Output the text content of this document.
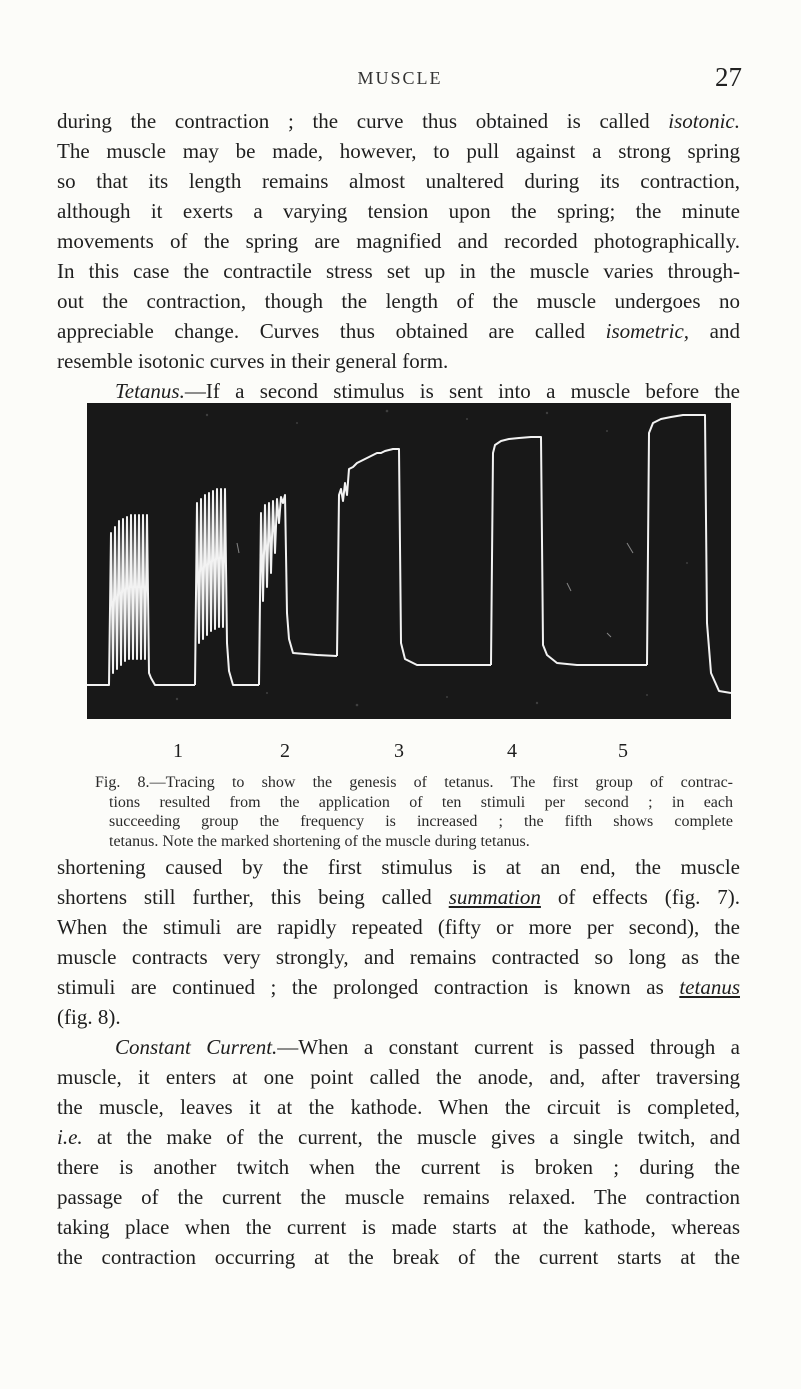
MUSCLE	27
during the contraction ; the curve thus obtained is called isotonic.
The muscle may be made, however, to pull against a strong spring
so that its length remains almost unaltered during its contraction,
although it exerts a varying tension upon the spring; the minute
movements of the spring are magnified and recorded photographically.
In this case the contractile stress set up in the muscle varies through-
out the contraction, though the length of the muscle undergoes no
appreciable change. Curves thus obtained are called isometric, and
resemble isotonic curves in their general form.
Tetanus.—If a second stimulus is sent into a muscle before the
1	2	3	4	5
Fig. 8.—Tracing to show the genesis of tetanus. The first group of contrac-
tions resulted from the application of ten stimuli per second ; in each
succeeding group the frequency is increased ; the fifth shows complete
tetanus. Note the marked shortening of the muscle during tetanus.
shortening caused by the first stimulus is at an end, the muscle
shortens still further, this being called summation of effects (fig. 7).
When the stimuli are rapidly repeated (fifty or more per second), the
muscle contracts very strongly, and remains contracted so long as the
stimuli are continued ; the prolonged contraction is known as tetanus
(fig. 8).
Constant Current.—When a constant current is passed through a
muscle, it enters at one point called the anode, and, after traversing
the muscle, leaves it at the kathode. When the circuit is completed,
i.e. at the make of the current, the muscle gives a single twitch, and
there is another twitch when the current is broken ; during the
passage of the current the muscle remains relaxed. The contraction
taking place when the current is made starts at the kathode, whereas
the contraction occurring at the break of the current starts at the
